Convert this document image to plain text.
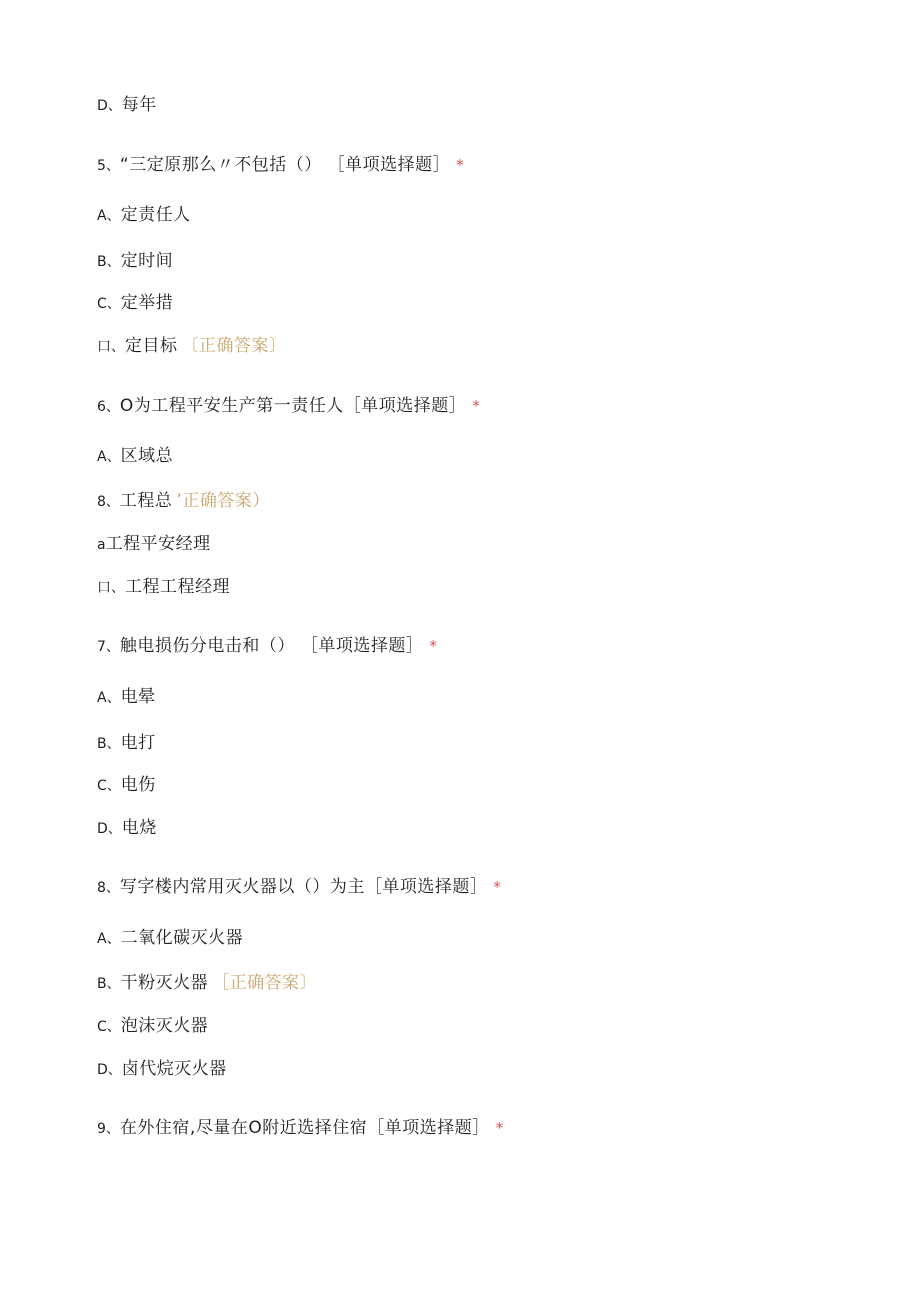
D、每年
5、“三定原那么〃不包括（） ［单项选择题］ *
A、定责任人
B、定时间
C、定举措
口、定目标 〔正确答案〕
6、O为工程平安生产第一责任人［单项选择题］ *
A、区域总
8、工程总 ’正确答案）
a工程平安经理
口、工程工程经理
7、触电损伤分电击和（） ［单项选择题］ *
A、电晕
B、电打
C、电伤
D、电烧
8、写字楼内常用灭火器以（）为主［单项选择题］ *
A、二氧化碳灭火器
B、干粉灭火器 ［正确答案〕
C、泡沫灭火器
D、卤代烷灭火器
9、在外住宿,尽量在O附近选择住宿［单项选择题］ *
